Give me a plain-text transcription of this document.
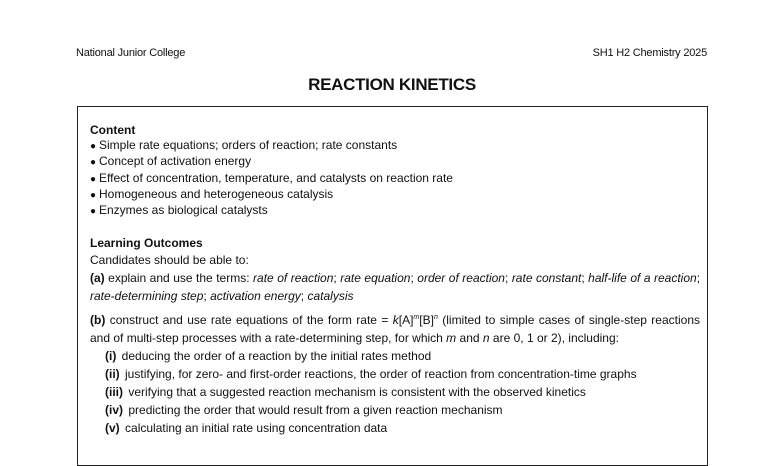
National Junior College	SH1 H2 Chemistry 2025
REACTION KINETICS
Content
● Simple rate equations; orders of reaction; rate constants
● Concept of activation energy
● Effect of concentration, temperature, and catalysts on reaction rate
● Homogeneous and heterogeneous catalysis
● Enzymes as biological catalysts
Learning Outcomes
Candidates should be able to:
(a) explain and use the terms: rate of reaction; rate equation; order of reaction; rate constant; half-life of a reaction; rate-determining step; activation energy; catalysis
(b) construct and use rate equations of the form rate = $k[A]^m[B]^n$ (limited to simple cases of single-step reactions and of multi-step processes with a rate-determining step, for which m and n are 0, 1 or 2), including:
(i) deducing the order of a reaction by the initial rates method
(ii) justifying, for zero- and first-order reactions, the order of reaction from concentration-time graphs
(iii) verifying that a suggested reaction mechanism is consistent with the observed kinetics
(iv) predicting the order that would result from a given reaction mechanism
(v) calculating an initial rate using concentration data
